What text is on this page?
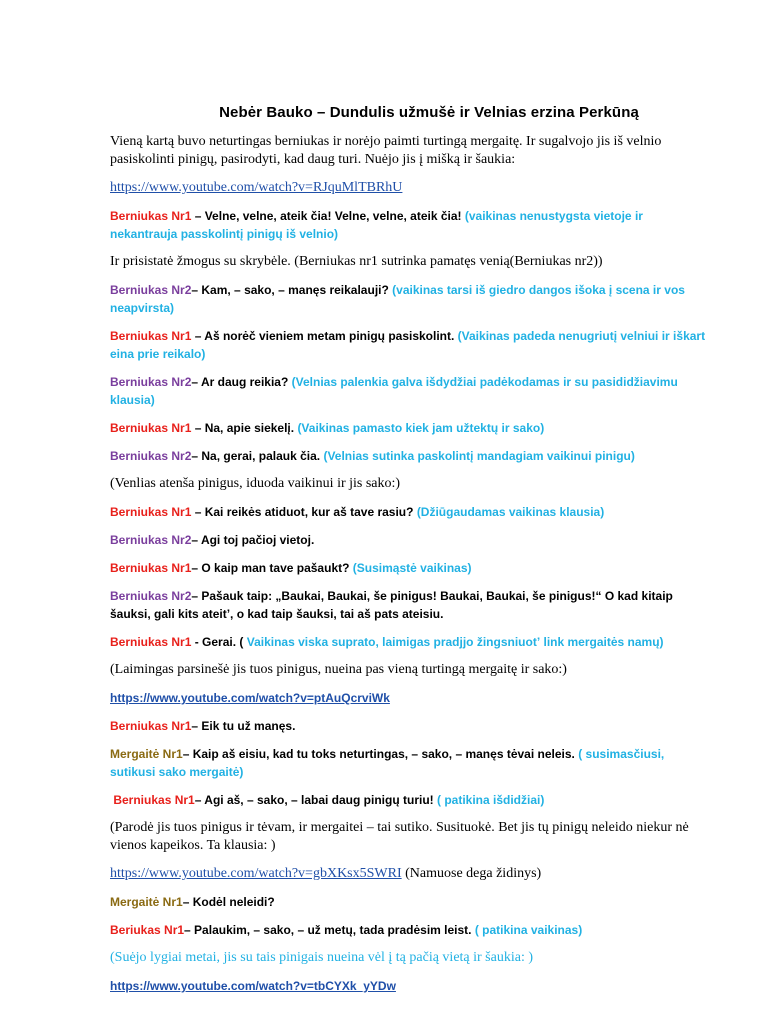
Nebėr Bauko – Dundulis užmušė ir Velnias erzina Perkūną
Vieną kartą buvo neturtingas berniukas ir norėjo paimti turtingą mergaitę. Ir sugalvojo jis iš velnio pasiskolinti pinigų, pasirodyti, kad daug turi. Nuėjo jis į mišką ir šaukia:
https://www.youtube.com/watch?v=RJquMlTBRhU
Berniukas Nr1 – Velne, velne, ateik čia! Velne, velne, ateik čia! (vaikinas nenustygsta vietoje ir nekantrauja passkolintį pinigų iš velnio)
Ir prisistatė žmogus su skrybėle. (Berniukas nr1 sutrinka pamatęs venią(Berniukas nr2))
Berniukas Nr2– Kam, – sako, – manęs reikalauji? (vaikinas tarsi iš giedro dangos išoka į scena ir vos neapvirsta)
Berniukas Nr1 – Aš norėč vieniem metam pinigų pasiskolint. (Vaikinas padeda nenugriutį velniui ir iškart eina prie reikalo)
Berniukas Nr2– Ar daug reikia? (Velnias palenkia galva išdydžiai padėkodamas ir su pasididžiavimu klausia)
Berniukas Nr1 – Na, apie siekelį. (Vaikinas pamasto kiek jam užtektų ir sako)
Berniukas Nr2– Na, gerai, palauk čia. (Velnias sutinka paskolintį mandagiam vaikinui pinigu)
(Venlias atenša pinigus, iduoda vaikinui ir jis sako:)
Berniukas Nr1 – Kai reikės atiduot, kur aš tave rasiu? (Džiūgaudamas vaikinas klausia)
Berniukas Nr2– Agi toj pačioj vietoj.
Berniukas Nr1– O kaip man tave pašaukt? (Susimąstė vaikinas)
Berniukas Nr2– Pašauk taip: „Baukai, Baukai, še pinigus! Baukai, Baukai, še pinigus!“ O kad kitaip šauksi, gali kits ateitʼ, o kad taip šauksi, tai aš pats ateisiu.
Berniukas Nr1 - Gerai. ( Vaikinas viska suprato, laimigas pradjjo žingsniuotʼ link mergaitės namų)
(Laimingas parsinešė jis tuos pinigus, nueina pas vieną turtingą mergaitę ir sako:)
https://www.youtube.com/watch?v=ptAuQcrviWk
Berniukas Nr1– Eik tu už manęs.
Mergaitė Nr1– Kaip aš eisiu, kad tu toks neturtingas, – sako, – manęs tėvai neleis. ( susimasčiusi, sutikusi sako mergaitė)
Berniukas Nr1– Agi aš, – sako, – labai daug pinigų turiu! ( patikina išdidžiai)
(Parodė jis tuos pinigus ir tėvam, ir mergaitei – tai sutiko. Susituokė. Bet jis tų pinigų neleido niekur nė vienos kapeikos. Ta klausia: )
https://www.youtube.com/watch?v=gbXKsx5SWRI (Namuose dega židinys)
Mergaitė Nr1– Kodėl neleidi?
Beriukas Nr1– Palaukim, – sako, – už metų, tada pradėsim leist. ( patikina vaikinas)
(Suėjo lygiai metai, jis su tais pinigais nueina vėl į tą pačią vietą ir šaukia: )
https://www.youtube.com/watch?v=tbCYXk_yYDw
